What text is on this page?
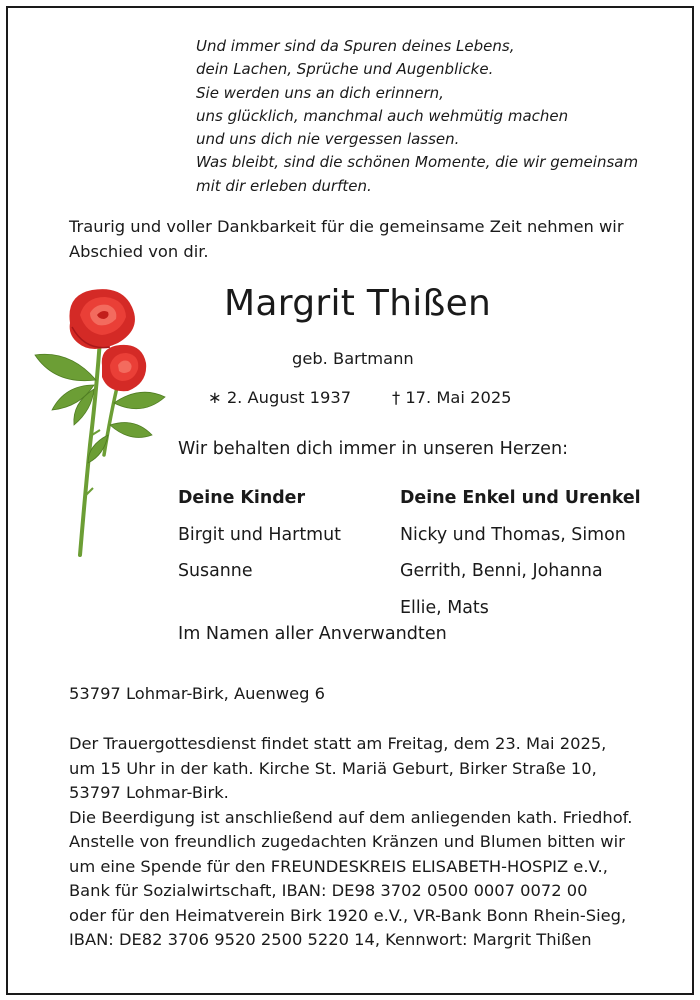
Und immer sind da Spuren deines Lebens,
dein Lachen, Sprüche und Augenblicke.
Sie werden uns an dich erinnern,
uns glücklich, manchmal auch wehmütig machen
und uns dich nie vergessen lassen.
Was bleibt, sind die schönen Momente, die wir gemeinsam
mit dir erleben durften.
Traurig und voller Dankbarkeit für die gemeinsame Zeit nehmen wir
Abschied von dir.
Margrit Thißen
geb. Bartmann
∗ 2. August 1937	† 17. Mai 2025
Wir behalten dich immer in unseren Herzen:
Deine Kinder
Birgit und Hartmut
Susanne
Deine Enkel und Urenkel
Nicky und Thomas, Simon
Gerrith, Benni, Johanna
Ellie, Mats
Im Namen aller Anverwandten
53797 Lohmar-Birk, Auenweg 6
Der Trauergottesdienst findet statt am Freitag, dem 23. Mai 2025,
um 15 Uhr in der kath. Kirche St. Mariä Geburt, Birker Straße 10,
53797 Lohmar-Birk.
Die Beerdigung ist anschließend auf dem anliegenden kath. Friedhof.
Anstelle von freundlich zugedachten Kränzen und Blumen bitten wir
um eine Spende für den FREUNDESKREIS ELISABETH-HOSPIZ e.V.,
Bank für Sozialwirtschaft, IBAN: DE98 3702 0500 0007 0072 00
oder für den Heimatverein Birk 1920 e.V., VR-Bank Bonn Rhein-Sieg,
IBAN: DE82 3706 9520 2500 5220 14, Kennwort: Margrit Thißen
